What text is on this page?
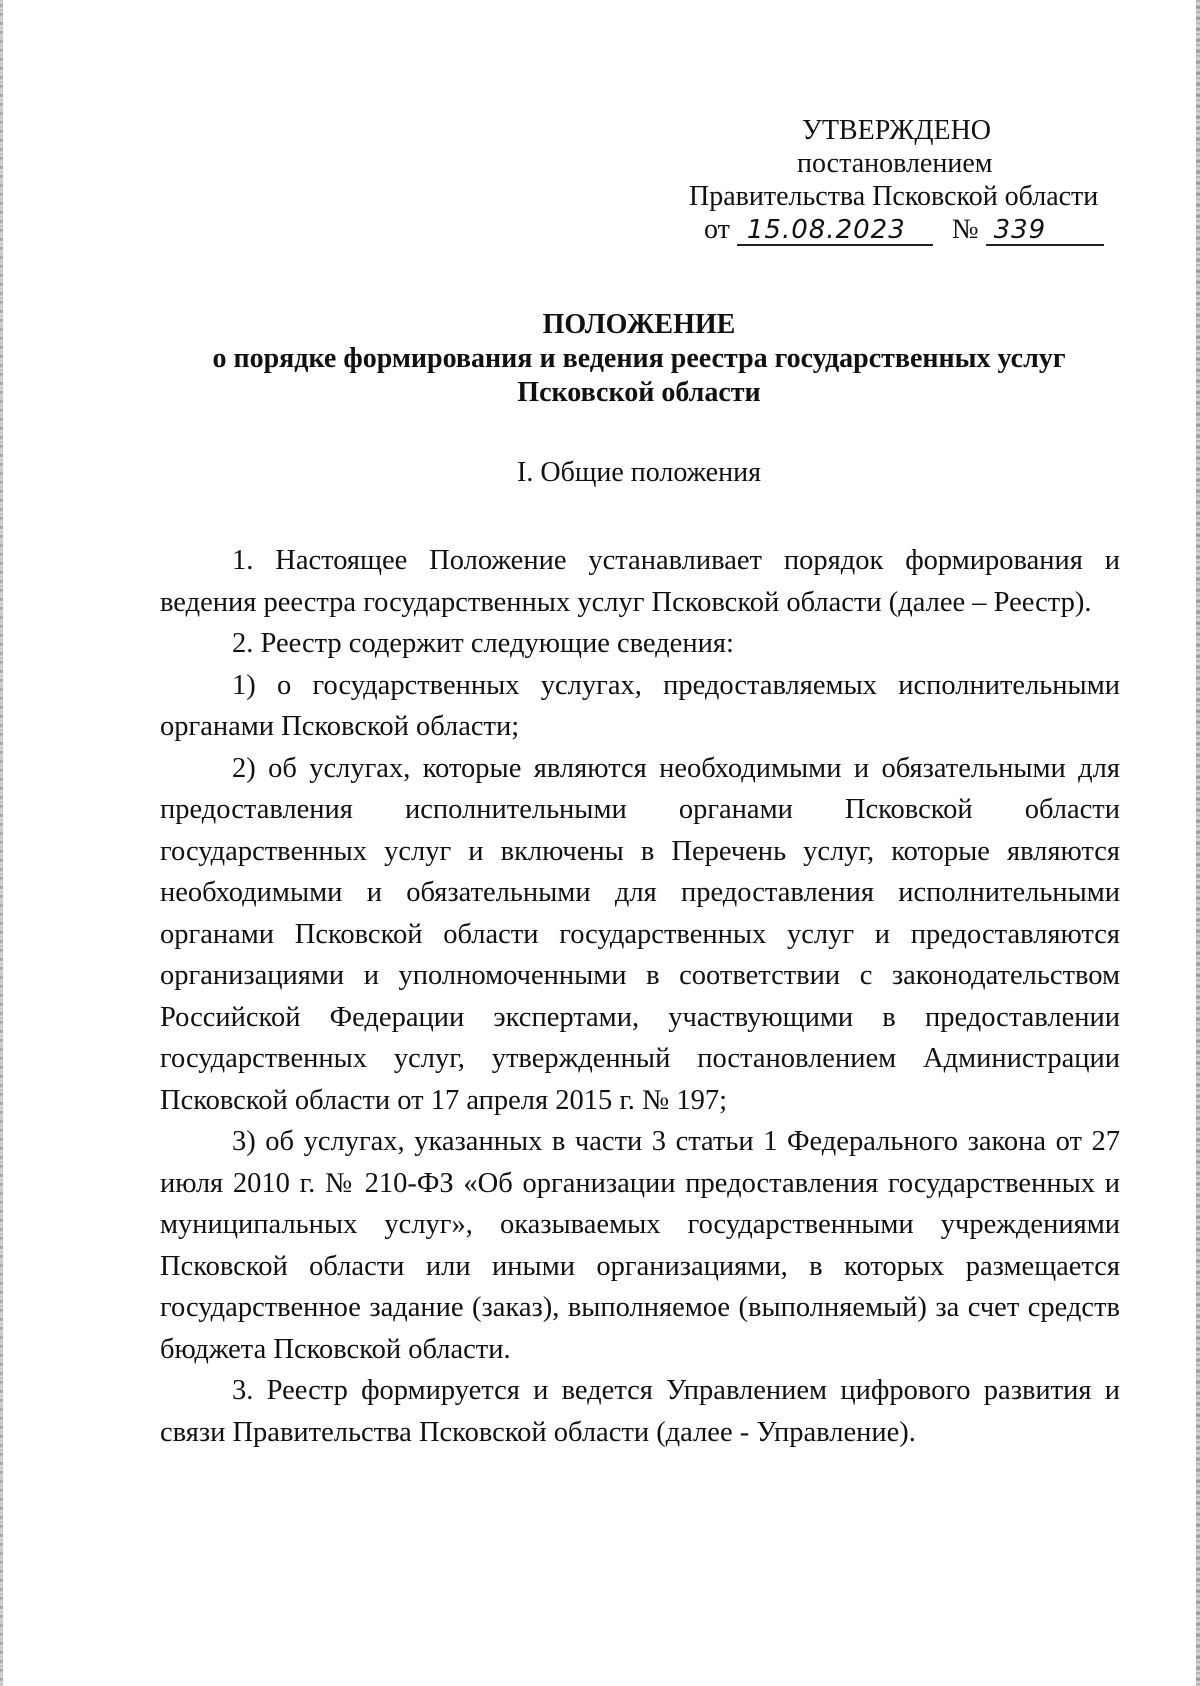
УТВЕРЖДЕНО
постановлением
Правительства Псковской области
от 15.08.2023 № 339
ПОЛОЖЕНИЕ
о порядке формирования и ведения реестра государственных услуг
Псковской области
I. Общие положения

1. Настоящее Положение устанавливает порядок формирования и ведения реестра государственных услуг Псковской области (далее – Реестр).

2. Реестр содержит следующие сведения:

1) о государственных услугах, предоставляемых исполнительными органами Псковской области;

2) об услугах, которые являются необходимыми и обязательными для предоставления исполнительными органами Псковской области государственных услуг и включены в Перечень услуг, которые являются необходимыми и обязательными для предоставления исполнительными органами Псковской области государственных услуг и предоставляются организациями и уполномоченными в соответствии с законодательством Российской Федерации экспертами, участвующими в предоставлении государственных услуг, утвержденный постановлением Администрации Псковской области от 17 апреля 2015 г. № 197;

3) об услугах, указанных в части 3 статьи 1 Федерального закона от 27 июля 2010 г. № 210-ФЗ «Об организации предоставления государственных и муниципальных услуг», оказываемых государственными учреждениями Псковской области или иными организациями, в которых размещается государственное задание (заказ), выполняемое (выполняемый) за счет средств бюджета Псковской области.

3. Реестр формируется и ведется Управлением цифрового развития и связи Правительства Псковской области (далее - Управление).
